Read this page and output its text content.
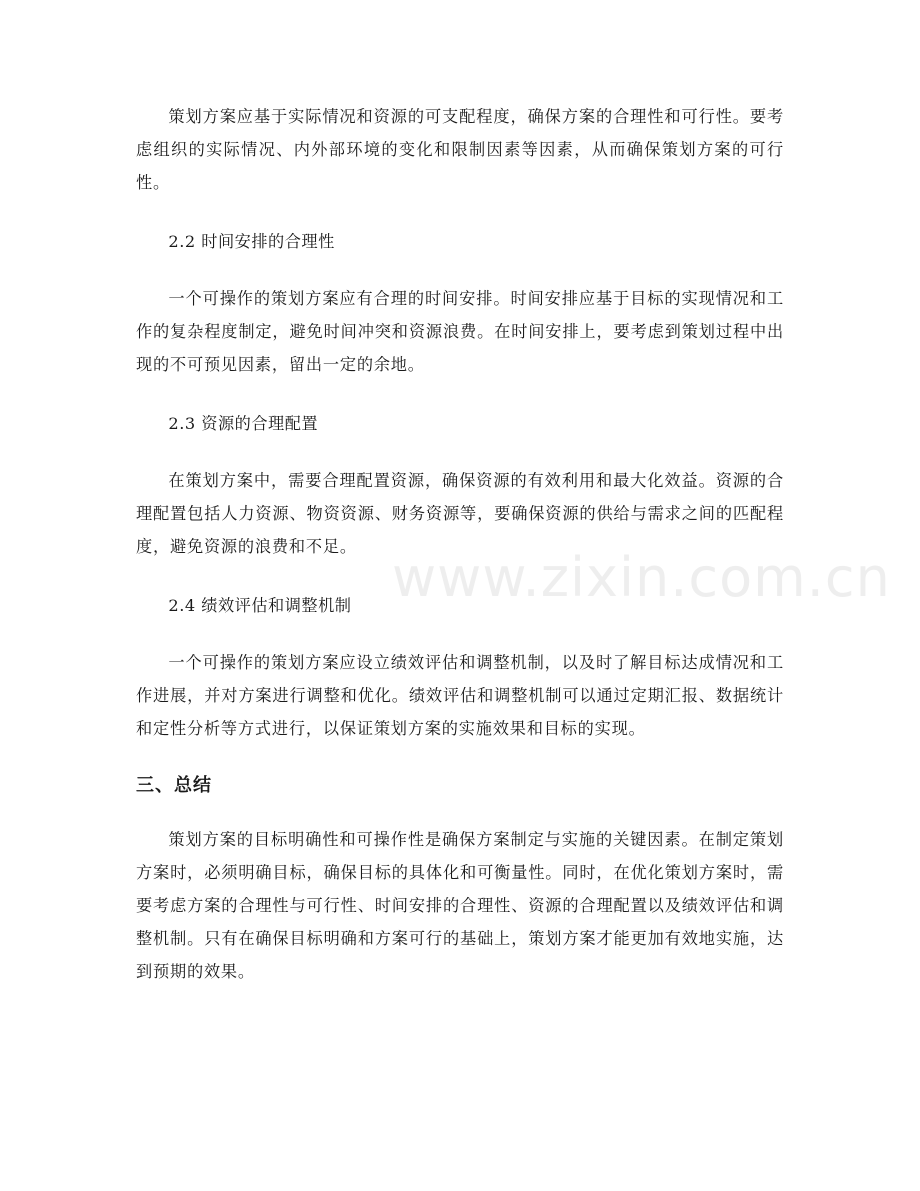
策划方案应基于实际情况和资源的可支配程度，确保方案的合理性和可行性。要考虑组织的实际情况、内外部环境的变化和限制因素等因素，从而确保策划方案的可行性。

2.2 时间安排的合理性

一个可操作的策划方案应有合理的时间安排。时间安排应基于目标的实现情况和工作的复杂程度制定，避免时间冲突和资源浪费。在时间安排上，要考虑到策划过程中出现的不可预见因素，留出一定的余地。

2.3 资源的合理配置

在策划方案中，需要合理配置资源，确保资源的有效利用和最大化效益。资源的合理配置包括人力资源、物资资源、财务资源等，要确保资源的供给与需求之间的匹配程度，避免资源的浪费和不足。

2.4 绩效评估和调整机制

一个可操作的策划方案应设立绩效评估和调整机制，以及时了解目标达成情况和工作进展，并对方案进行调整和优化。绩效评估和调整机制可以通过定期汇报、数据统计和定性分析等方式进行，以保证策划方案的实施效果和目标的实现。

三、总结

策划方案的目标明确性和可操作性是确保方案制定与实施的关键因素。在制定策划方案时，必须明确目标，确保目标的具体化和可衡量性。同时，在优化策划方案时，需要考虑方案的合理性与可行性、时间安排的合理性、资源的合理配置以及绩效评估和调整机制。只有在确保目标明确和方案可行的基础上，策划方案才能更加有效地实施，达到预期的效果。

www.zixin.com.cn
